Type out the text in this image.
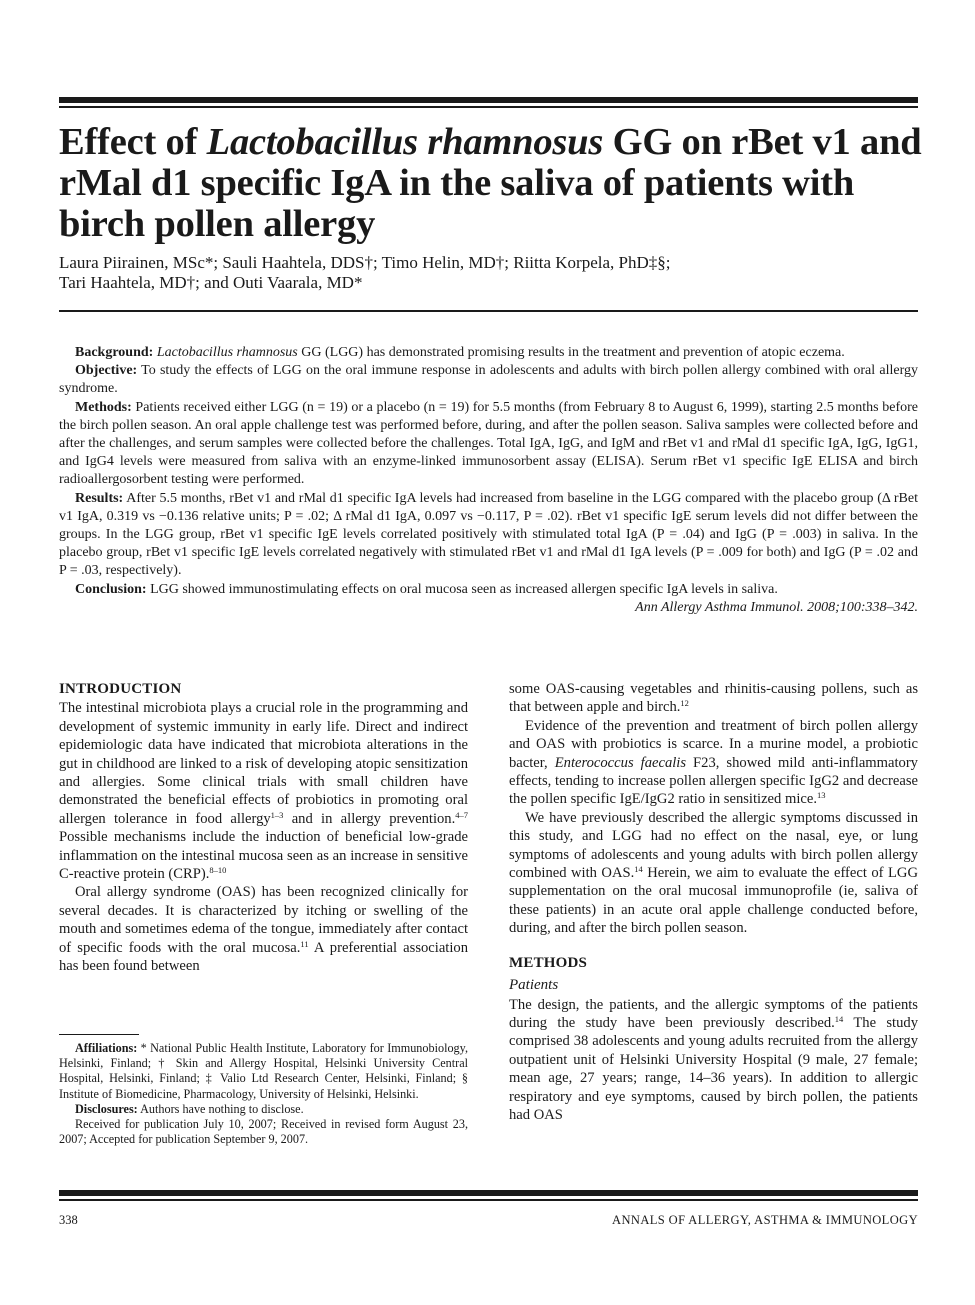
Effect of Lactobacillus rhamnosus GG on rBet v1 and rMal d1 specific IgA in the saliva of patients with birch pollen allergy
Laura Piirainen, MSc*; Sauli Haahtela, DDS†; Timo Helin, MD†; Riitta Korpela, PhD‡§;
Tari Haahtela, MD†; and Outi Vaarala, MD*

Background: Lactobacillus rhamnosus GG (LGG) has demonstrated promising results in the treatment and prevention of atopic eczema.

Objective: To study the effects of LGG on the oral immune response in adolescents and adults with birch pollen allergy combined with oral allergy syndrome.

Methods: Patients received either LGG (n = 19) or a placebo (n = 19) for 5.5 months (from February 8 to August 6, 1999), starting 2.5 months before the birch pollen season. An oral apple challenge test was performed before, during, and after the pollen season. Saliva samples were collected before and after the challenges, and serum samples were collected before the challenges. Total IgA, IgG, and IgM and rBet v1 and rMal d1 specific IgA, IgG, IgG1, and IgG4 levels were measured from saliva with an enzyme-linked immunosorbent assay (ELISA). Serum rBet v1 specific IgE ELISA and birch radioallergosorbent testing were performed.

Results: After 5.5 months, rBet v1 and rMal d1 specific IgA levels had increased from baseline in the LGG compared with the placebo group (Δ rBet v1 IgA, 0.319 vs −0.136 relative units; P = .02; Δ rMal d1 IgA, 0.097 vs −0.117, P = .02). rBet v1 specific IgE serum levels did not differ between the groups. In the LGG group, rBet v1 specific IgE levels correlated positively with stimulated total IgA (P = .04) and IgG (P = .003) in saliva. In the placebo group, rBet v1 specific IgE levels correlated negatively with stimulated rBet v1 and rMal d1 IgA levels (P = .009 for both) and IgG (P = .02 and P = .03, respectively).

Conclusion: LGG showed immunostimulating effects on oral mucosa seen as increased allergen specific IgA levels in saliva.

Ann Allergy Asthma Immunol. 2008;100:338–342.

INTRODUCTION

The intestinal microbiota plays a crucial role in the programming and development of systemic immunity in early life. Direct and indirect epidemiologic data have indicated that microbiota alterations in the gut in childhood are linked to a risk of developing atopic sensitization and allergies. Some clinical trials with small children have demonstrated the beneficial effects of probiotics in promoting oral allergen tolerance in food allergy$^{1-3}$ and in allergy prevention.$^{4-7}$ Possible mechanisms include the induction of beneficial low-grade inflammation on the intestinal mucosa seen as an increase in sensitive C-reactive protein (CRP).$^{8-10}$

Oral allergy syndrome (OAS) has been recognized clinically for several decades. It is characterized by itching or swelling of the mouth and sometimes edema of the tongue, immediately after contact of specific foods with the oral mucosa.$^{11}$ A preferential association has been found between

Affiliations: * National Public Health Institute, Laboratory for Immunobiology, Helsinki, Finland; † Skin and Allergy Hospital, Helsinki University Central Hospital, Helsinki, Finland; ‡ Valio Ltd Research Center, Helsinki, Finland; § Institute of Biomedicine, Pharmacology, University of Helsinki, Helsinki.

Disclosures: Authors have nothing to disclose.

Received for publication July 10, 2007; Received in revised form August 23, 2007; Accepted for publication September 9, 2007.

some OAS-causing vegetables and rhinitis-causing pollens, such as that between apple and birch.$^{12}$

Evidence of the prevention and treatment of birch pollen allergy and OAS with probiotics is scarce. In a murine model, a probiotic bacter, Enterococcus faecalis F23, showed mild anti-inflammatory effects, tending to increase pollen allergen specific IgG2 and decrease the pollen specific IgE/IgG2 ratio in sensitized mice.$^{13}$

We have previously described the allergic symptoms discussed in this study, and LGG had no effect on the nasal, eye, or lung symptoms of adolescents and young adults with birch pollen allergy combined with OAS.$^{14}$ Herein, we aim to evaluate the effect of LGG supplementation on the oral mucosal immunoprofile (ie, saliva of these patients) in an acute oral apple challenge conducted before, during, and after the birch pollen season.

METHODS
Patients

The design, the patients, and the allergic symptoms of the patients during the study have been previously described.$^{14}$ The study comprised 38 adolescents and young adults recruited from the allergy outpatient unit of Helsinki University Hospital (9 male, 27 female; mean age, 27 years; range, 14–36 years). In addition to allergic respiratory and eye symptoms, caused by birch pollen, the patients had OAS

338	ANNALS OF ALLERGY, ASTHMA & IMMUNOLOGY
